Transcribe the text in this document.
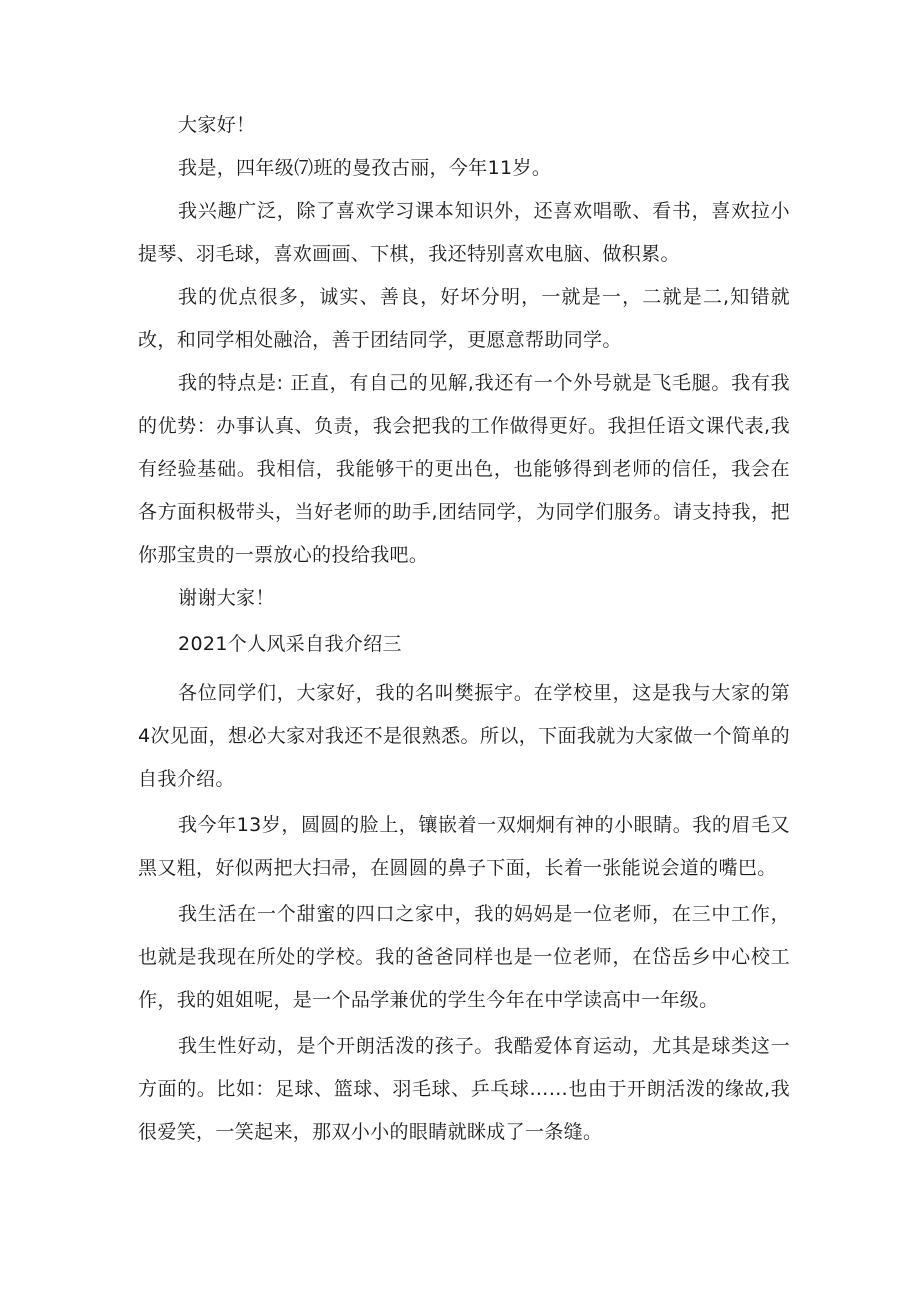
大家好！

我是，四年级⑺班的曼孜古丽，今年11岁。

我兴趣广泛，除了喜欢学习课本知识外，还喜欢唱歌、看书，喜欢拉小提琴、羽毛球，喜欢画画、下棋，我还特别喜欢电脑、做积累。

我的优点很多，诚实、善良，好坏分明，一就是一，二就是二,知错就改，和同学相处融洽，善于团结同学，更愿意帮助同学。

我的特点是: 正直，有自己的见解,我还有一个外号就是飞毛腿。我有我的优势：办事认真、负责，我会把我的工作做得更好。我担任语文课代表,我有经验基础。我相信，我能够干的更出色，也能够得到老师的信任，我会在各方面积极带头，当好老师的助手,团结同学，为同学们服务。请支持我，把你那宝贵的一票放心的投给我吧。

谢谢大家！

2021个人风采自我介绍三

各位同学们，大家好，我的名叫樊振宇。在学校里，这是我与大家的第4次见面，想必大家对我还不是很熟悉。所以，下面我就为大家做一个简单的自我介绍。

我今年13岁，圆圆的脸上，镶嵌着一双炯炯有神的小眼睛。我的眉毛又黑又粗，好似两把大扫帚，在圆圆的鼻子下面，长着一张能说会道的嘴巴。

我生活在一个甜蜜的四口之家中，我的妈妈是一位老师，在三中工作，也就是我现在所处的学校。我的爸爸同样也是一位老师，在岱岳乡中心校工作，我的姐姐呢，是一个品学兼优的学生今年在中学读高中一年级。

我生性好动，是个开朗活泼的孩子。我酷爱体育运动，尤其是球类这一方面的。比如：足球、篮球、羽毛球、乒乓球……也由于开朗活泼的缘故,我很爱笑，一笑起来，那双小小的眼睛就眯成了一条缝。
